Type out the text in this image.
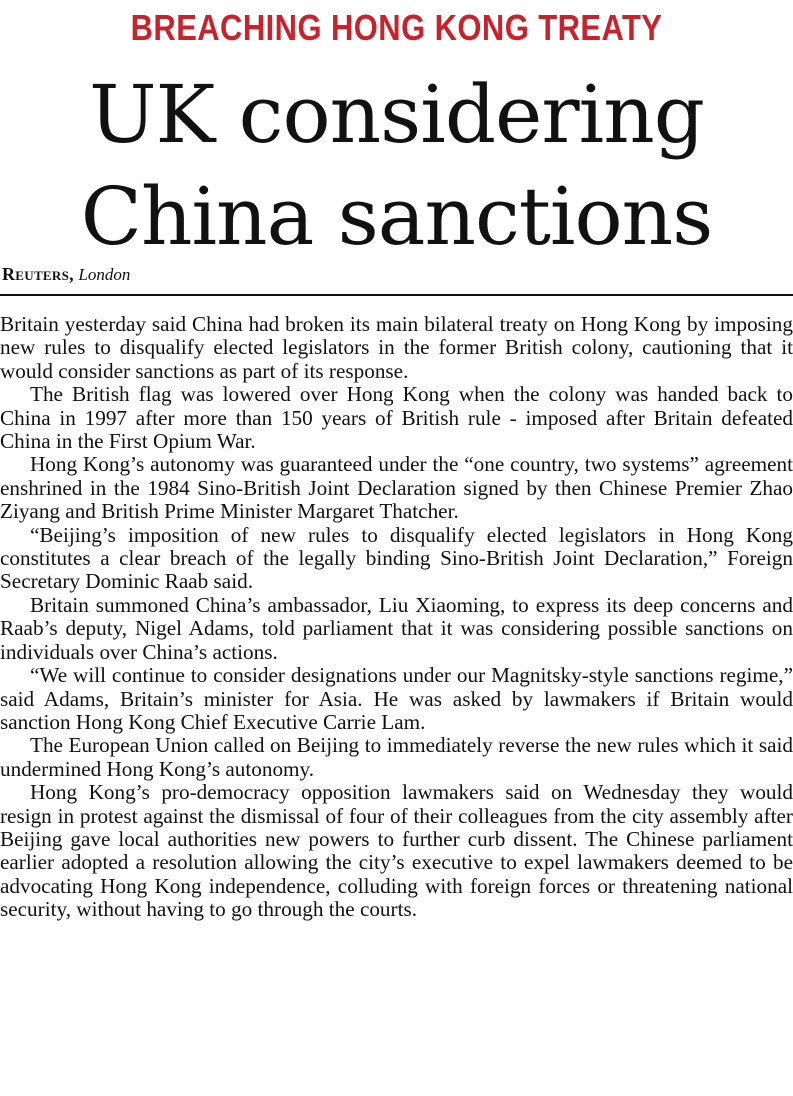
BREACHING HONG KONG TREATY
UK considering
China sanctions
Reuters, London

Britain yesterday said China had broken its main bilateral treaty on Hong Kong by imposing new rules to disqualify elected legislators in the former British colony, cautioning that it would consider sanctions as part of its response.

The British flag was lowered over Hong Kong when the colony was handed back to China in 1997 after more than 150 years of British rule - imposed after Britain defeated China in the First Opium War.

Hong Kong’s autonomy was guaranteed under the “one country, two systems” agreement enshrined in the 1984 Sino-British Joint Declaration signed by then Chinese Premier Zhao Ziyang and British Prime Minister Margaret Thatcher.

“Beijing’s imposition of new rules to disqualify elected legislators in Hong Kong constitutes a clear breach of the legally binding Sino-British Joint Declaration,” Foreign Secretary Dominic Raab said.

Britain summoned China’s ambassador, Liu Xiaoming, to express its deep concerns and Raab’s deputy, Nigel Adams, told parliament that it was considering possible sanctions on individuals over China’s actions.

“We will continue to consider designations under our Magnitsky-style sanctions regime,” said Adams, Britain’s minister for Asia. He was asked by lawmakers if Britain would sanction Hong Kong Chief Executive Carrie Lam.

The European Union called on Beijing to immediately reverse the new rules which it said undermined Hong Kong’s autonomy.

Hong Kong’s pro-democracy opposition lawmakers said on Wednesday they would resign in protest against the dismissal of four of their colleagues from the city assembly after Beijing gave local authorities new powers to further curb dissent. The Chinese parliament earlier adopted a resolution allowing the city’s executive to expel lawmakers deemed to be advocating Hong Kong independence, colluding with foreign forces or threatening national security, without having to go through the courts.
